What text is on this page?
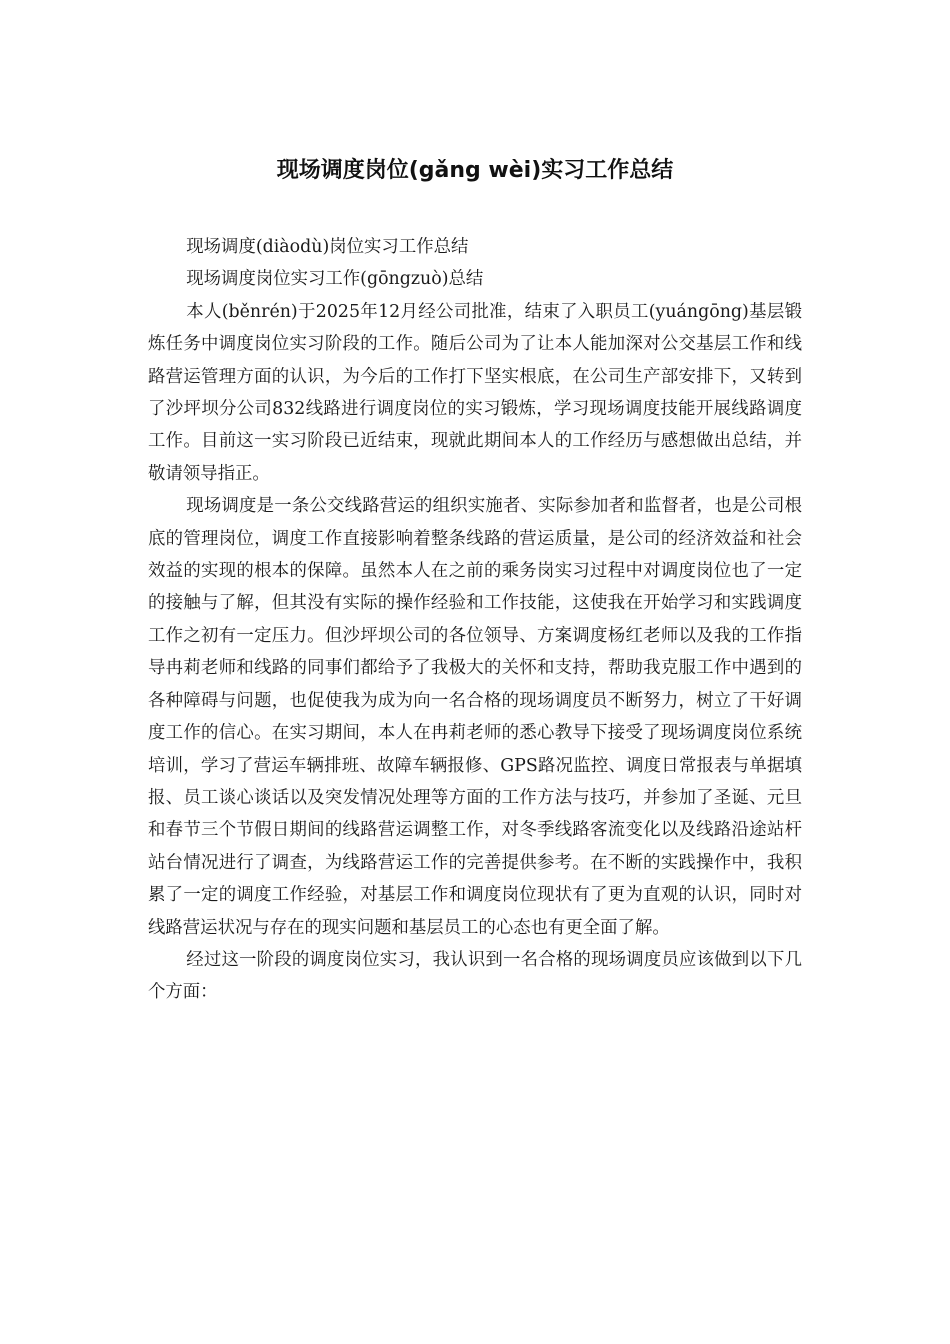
现场调度岗位(gǎng wèi)实习工作总结

现场调度(diàodù)岗位实习工作总结

现场调度岗位实习工作(gōngzuò)总结

本人(běnrén)于2025年12月经公司批准，结束了入职员工(yuángōng)基层锻炼任务中调度岗位实习阶段的工作。随后公司为了让本人能加深对公交基层工作和线路营运管理方面的认识，为今后的工作打下坚实根底，在公司生产部安排下，又转到了沙坪坝分公司832线路进行调度岗位的实习锻炼，学习现场调度技能开展线路调度工作。目前这一实习阶段已近结束，现就此期间本人的工作经历与感想做出总结，并敬请领导指正。

现场调度是一条公交线路营运的组织实施者、实际参加者和监督者，也是公司根底的管理岗位，调度工作直接影响着整条线路的营运质量，是公司的经济效益和社会效益的实现的根本的保障。虽然本人在之前的乘务岗实习过程中对调度岗位也了一定的接触与了解，但其没有实际的操作经验和工作技能，这使我在开始学习和实践调度工作之初有一定压力。但沙坪坝公司的各位领导、方案调度杨红老师以及我的工作指导冉莉老师和线路的同事们都给予了我极大的关怀和支持，帮助我克服工作中遇到的各种障碍与问题，也促使我为成为向一名合格的现场调度员不断努力，树立了干好调度工作的信心。在实习期间，本人在冉莉老师的悉心教导下接受了现场调度岗位系统培训，学习了营运车辆排班、故障车辆报修、GPS路况监控、调度日常报表与单据填报、员工谈心谈话以及突发情况处理等方面的工作方法与技巧，并参加了圣诞、元旦和春节三个节假日期间的线路营运调整工作，对冬季线路客流变化以及线路沿途站杆站台情况进行了调查，为线路营运工作的完善提供参考。在不断的实践操作中，我积累了一定的调度工作经验，对基层工作和调度岗位现状有了更为直观的认识，同时对线路营运状况与存在的现实问题和基层员工的心态也有更全面了解。

经过这一阶段的调度岗位实习，我认识到一名合格的现场调度员应该做到以下几个方面：
